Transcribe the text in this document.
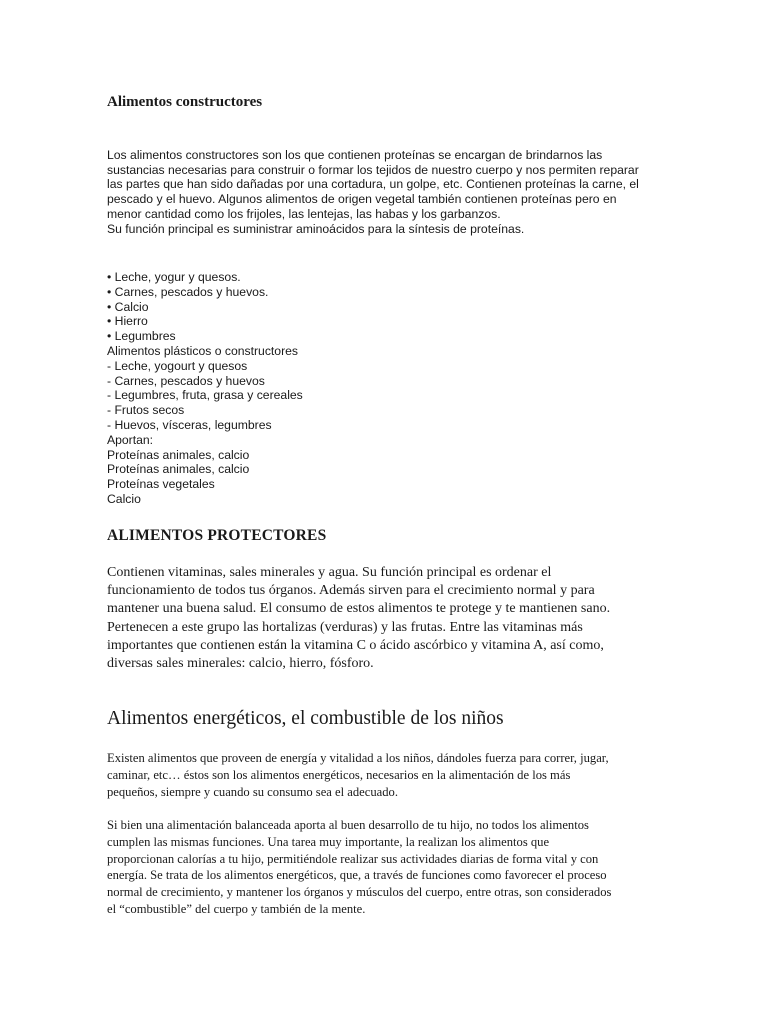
Alimentos constructores

Los alimentos constructores son los que contienen proteínas se encargan de brindarnos las
sustancias necesarias para construir o formar los tejidos de nuestro cuerpo y nos permiten reparar
las partes que han sido dañadas por una cortadura, un golpe, etc. Contienen proteínas la carne, el
pescado y el huevo. Algunos alimentos de origen vegetal también contienen proteínas pero en
menor cantidad como los frijoles, las lentejas, las habas y los garbanzos.
Su función principal es suministrar aminoácidos para la síntesis de proteínas.

• Leche, yogur y quesos.
• Carnes, pescados y huevos.
• Calcio
• Hierro
• Legumbres
Alimentos plásticos o constructores
- Leche, yogourt y quesos
- Carnes, pescados y huevos
- Legumbres, fruta, grasa y cereales
- Frutos secos
- Huevos, vísceras, legumbres
Aportan:
Proteínas animales, calcio
Proteínas animales, calcio
Proteínas vegetales
Calcio
ALIMENTOS PROTECTORES

Contienen vitaminas, sales minerales y agua. Su función principal es ordenar el
funcionamiento de todos tus órganos. Además sirven para el crecimiento normal y para
mantener una buena salud. El consumo de estos alimentos te protege y te mantienen sano.
Pertenecen a este grupo las hortalizas (verduras) y las frutas. Entre las vitaminas más
importantes que contienen están la vitamina C o ácido ascórbico y vitamina A, así como,
diversas sales minerales: calcio, hierro, fósforo.

Alimentos energéticos, el combustible de los niños

Existen alimentos que proveen de energía y vitalidad a los niños, dándoles fuerza para correr, jugar,
caminar, etc… éstos son los alimentos energéticos, necesarios en la alimentación de los más
pequeños, siempre y cuando su consumo sea el adecuado.

Si bien una alimentación balanceada aporta al buen desarrollo de tu hijo, no todos los alimentos
cumplen las mismas funciones. Una tarea muy importante, la realizan los alimentos que
proporcionan calorías a tu hijo, permitiéndole realizar sus actividades diarias de forma vital y con
energía. Se trata de los alimentos energéticos, que, a través de funciones como favorecer el proceso
normal de crecimiento, y mantener los órganos y músculos del cuerpo, entre otras, son considerados
el “combustible” del cuerpo y también de la mente.
